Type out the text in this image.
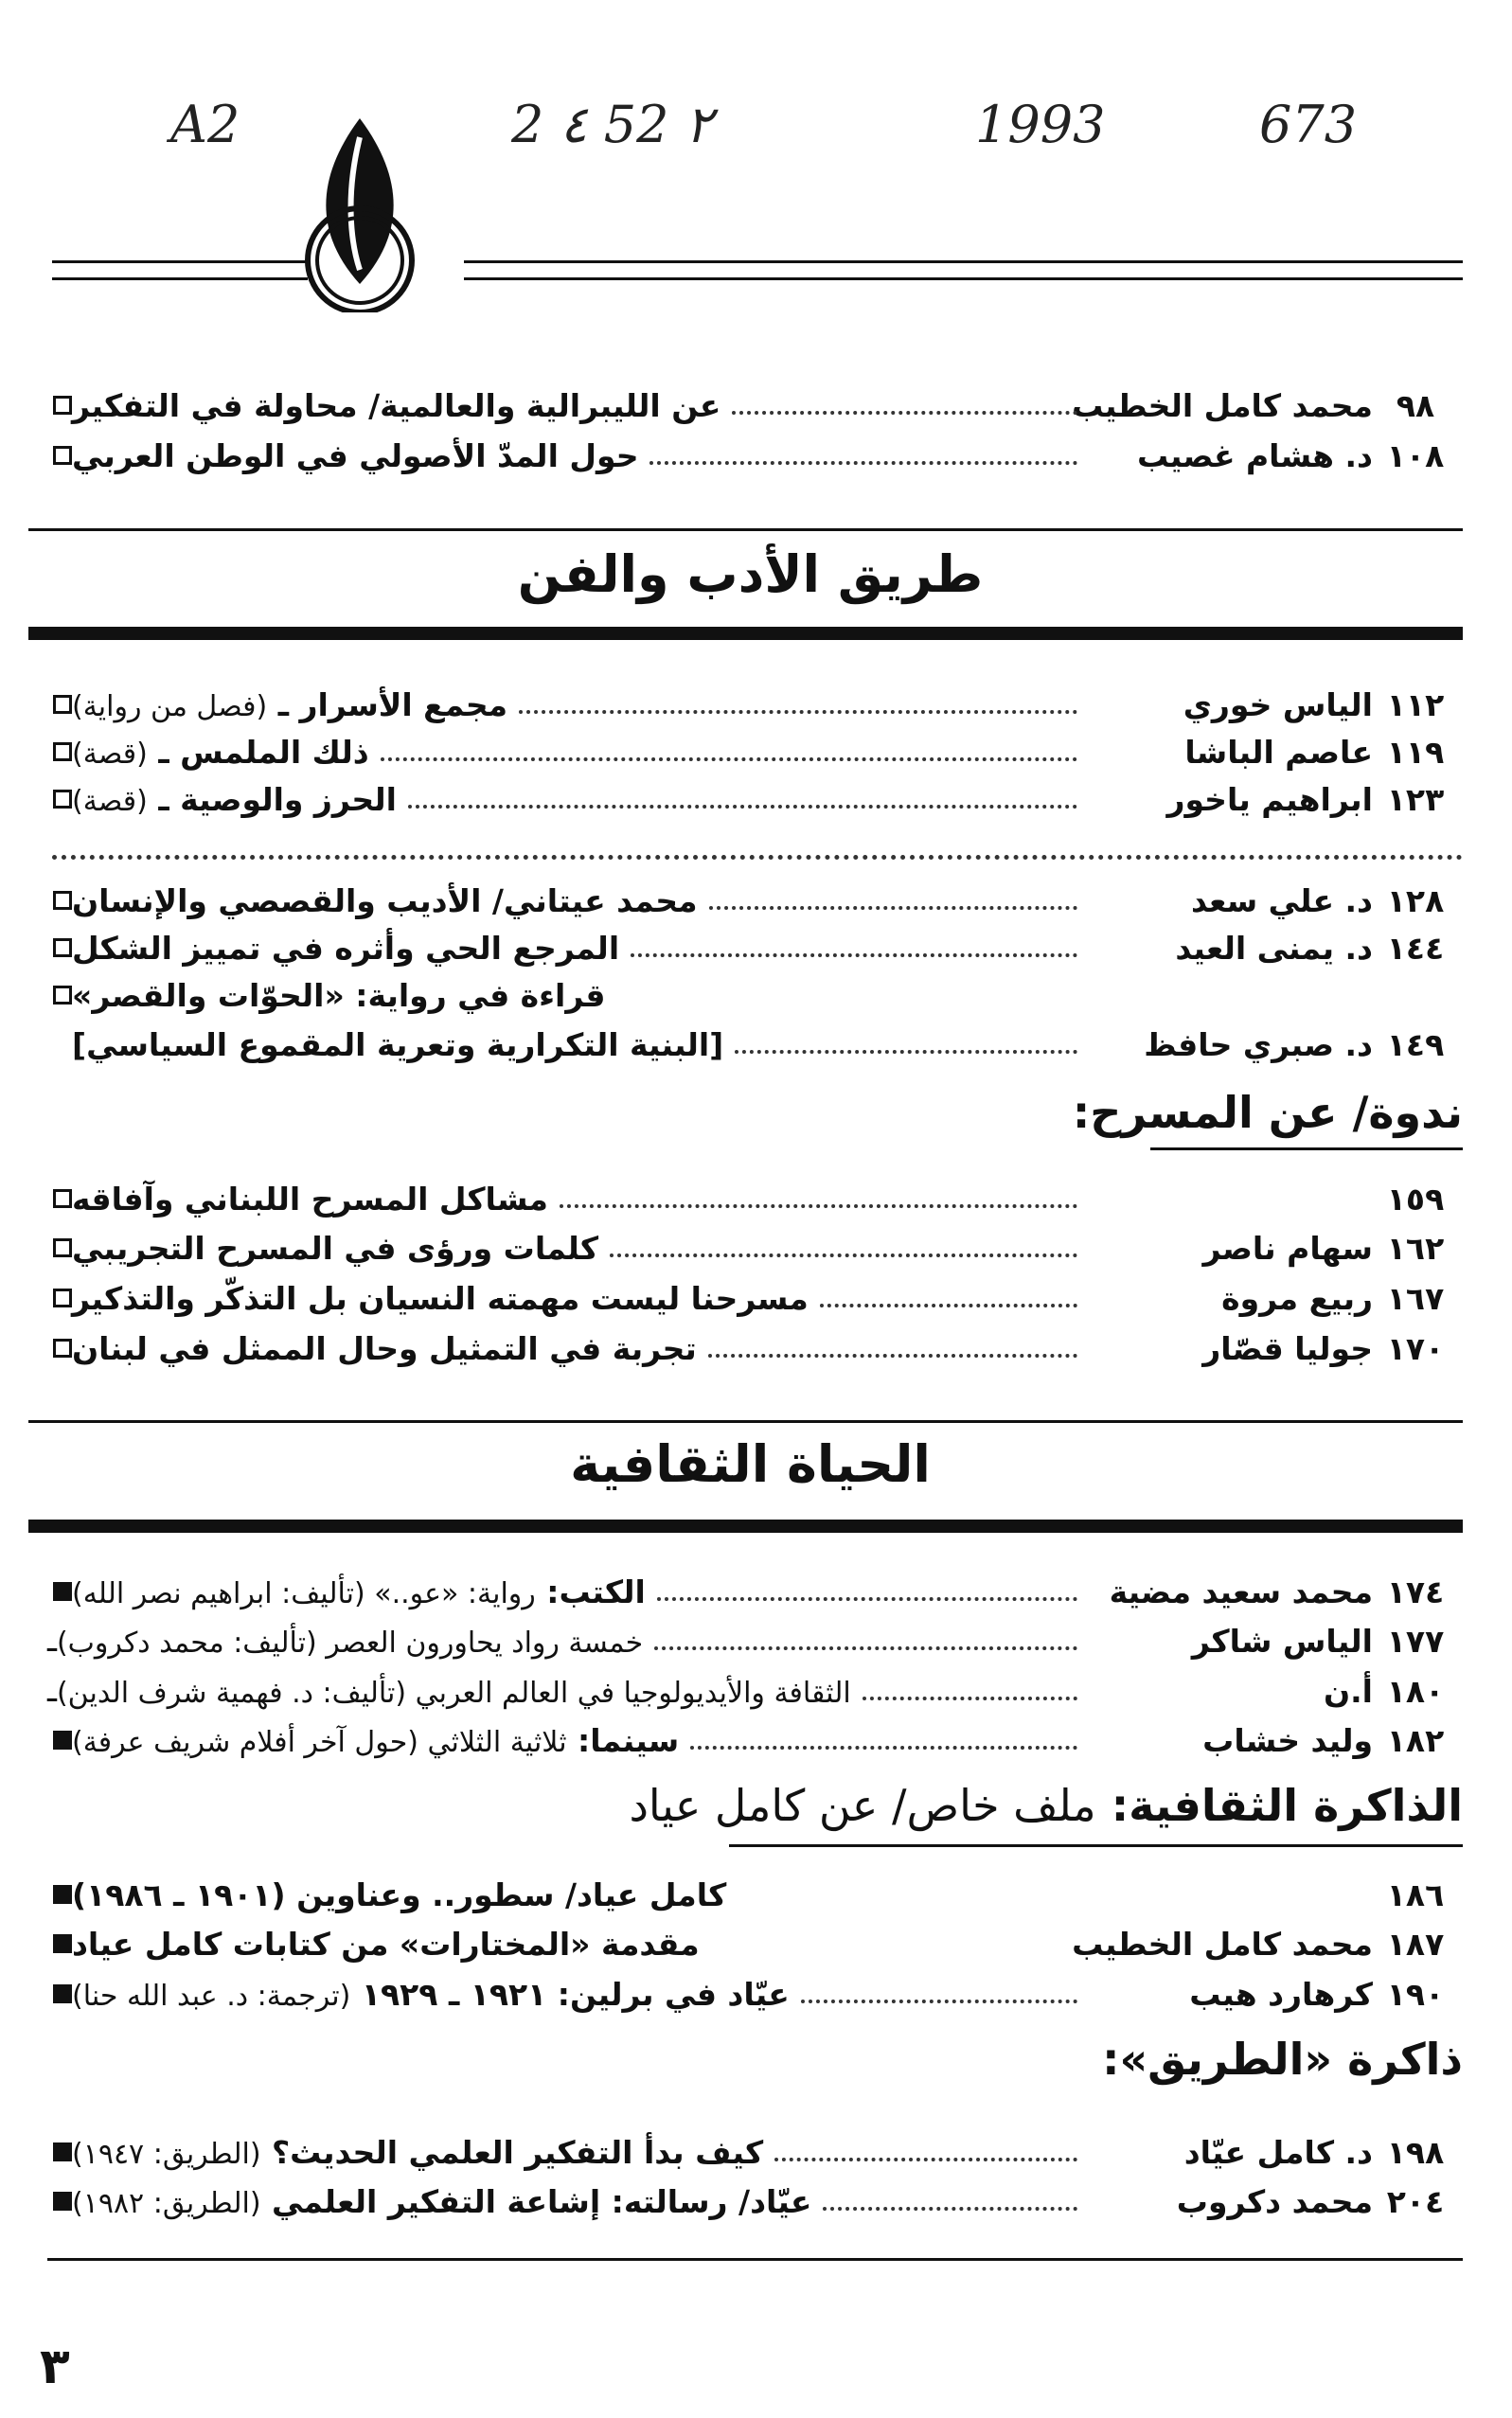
A2	2 ٤ 52 ٢	1993	673
عن الليبرالية والعالمية/ محاولة في التفكير	محمد كامل الخطيب ٩٨
حول المدّ الأصولي في الوطن العربي	د. هشام غصيب ١٠٨
طريق الأدب والفن
مجمع الأسرار ـ (فصل من رواية)	الياس خوري ١١٢
ذلك الملمس ـ (قصة)	عاصم الباشا ١١٩
الحرز والوصية ـ (قصة)	ابراهيم ياخور ١٢٣
محمد عيتاني/ الأديب والقصصي والإنسان	د. علي سعد ١٢٨
المرجع الحي وأثره في تمييز الشكل	د. يمنى العيد ١٤٤
قراءة في رواية: «الحوّات والقصر»
[البنية التكرارية وتعرية المقموع السياسي]	د. صبري حافظ ١٤٩
ندوة/ عن المسرح:
مشاكل المسرح اللبناني وآفاقه	١٥٩
كلمات ورؤى في المسرح التجريبي	سهام ناصر ١٦٢
مسرحنا ليست مهمته النسيان بل التذكّر والتذكير	ربيع مروة ١٦٧
تجربة في التمثيل وحال الممثل في لبنان	جوليا قصّار ١٧٠
الحياة الثقافية
الكتب: رواية: «عو..» (تأليف: ابراهيم نصر الله)	محمد سعيد مضية ١٧٤
ـ خمسة رواد يحاورون العصر (تأليف: محمد دكروب)	الياس شاكر ١٧٧
ـ الثقافة والأيديولوجيا في العالم العربي (تأليف: د. فهمية شرف الدين)	أ.ن ١٨٠
سينما: ثلاثية الثلاثي (حول آخر أفلام شريف عرفة)	وليد خشاب ١٨٢
الذاكرة الثقافية: ملف خاص/ عن كامل عياد
كامل عياد/ سطور.. وعناوين (١٩٠١ ـ ١٩٨٦)	١٨٦
مقدمة «المختارات» من كتابات كامل عياد	محمد كامل الخطيب ١٨٧
عيّاد في برلين: ١٩٢١ ـ ١٩٢٩ (ترجمة: د. عبد الله حنا)	كرهارد هيب ١٩٠
ذاكرة «الطريق»:
كيف بدأ التفكير العلمي الحديث؟ (الطريق: ١٩٤٧)	د. كامل عيّاد ١٩٨
عيّاد/ رسالته: إشاعة التفكير العلمي (الطريق: ١٩٨٢)	محمد دكروب ٢٠٤
٣
